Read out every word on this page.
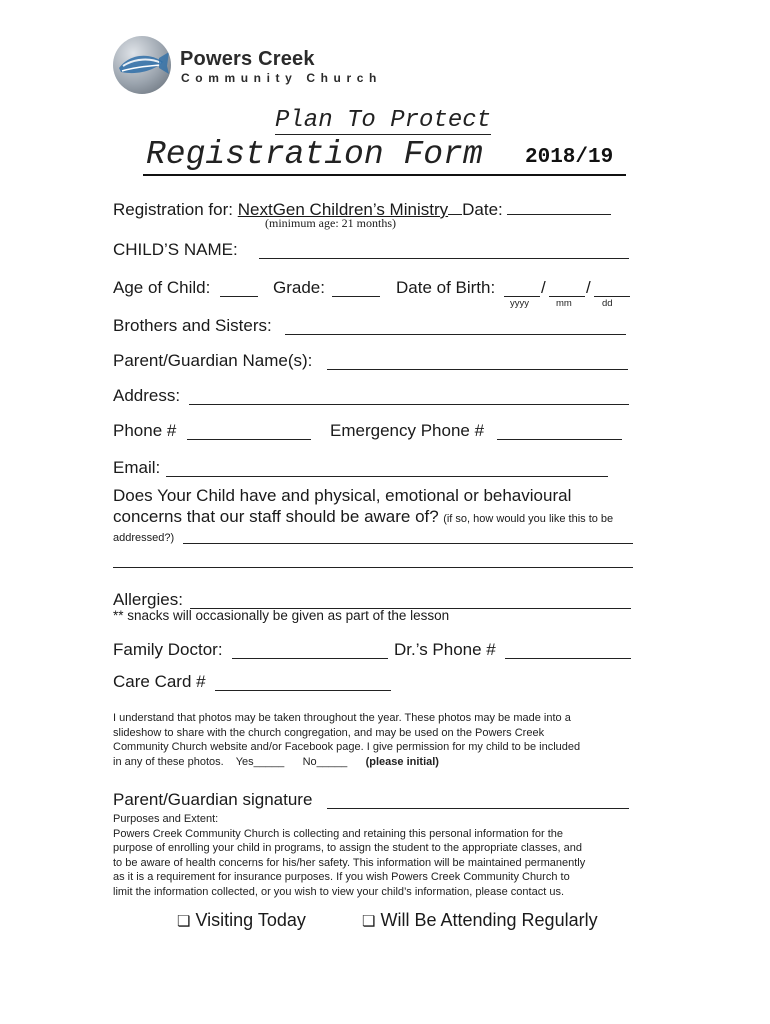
Powers Creek
Community Church
Plan To Protect
Registration Form 2018/19
Registration for: NextGen Children’s Ministry Date:
(minimum age: 21 months)
CHILD’S NAME:
Age of Child:	Grade:	Date of Birth:	/ /
yyyy	mm	dd
Brothers and Sisters:
Parent/Guardian Name(s):
Address:
Phone #	Emergency Phone #
Email:
Does Your Child have and physical, emotional or behavioural
concerns that our staff should be aware of? (if so, how would you like this to be
addressed?)
Allergies:
** snacks will occasionally be given as part of the lesson
Family Doctor:	Dr.’s Phone #
Care Card #
I understand that photos may be taken throughout the year. These photos may be made into a
slideshow to share with the church congregation, and may be used on the Powers Creek
Community Church website and/or Facebook page. I give permission for my child to be included
in any of these photos. Yes_____ No_____ (please initial)
Parent/Guardian signature
Purposes and Extent:
Powers Creek Community Church is collecting and retaining this personal information for the
purpose of enrolling your child in programs, to assign the student to the appropriate classes, and
to be aware of health concerns for his/her safety. This information will be maintained permanently
as it is a requirement for insurance purposes. If you wish Powers Creek Community Church to
limit the information collected, or you wish to view your child’s information, please contact us.
❏ Visiting Today	❏ Will Be Attending Regularly
